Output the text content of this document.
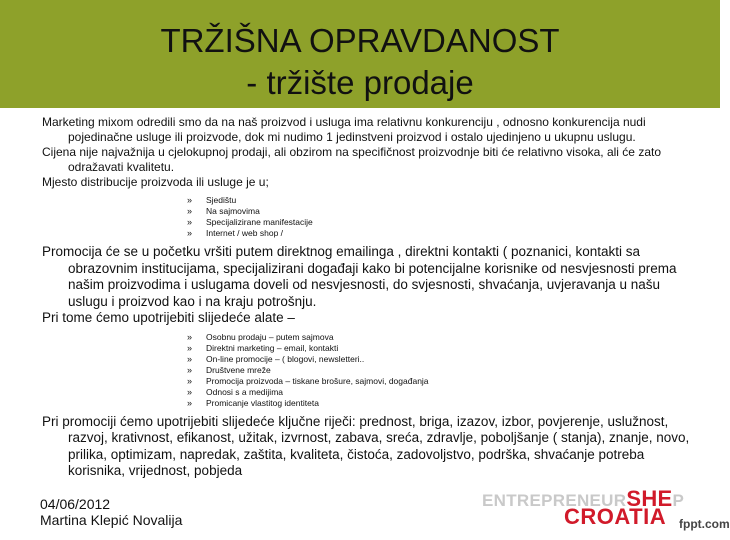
TRŽIŠNA OPRAVDANOST
- tržište prodaje

Marketing mixom odredili smo da na naš proizvod i usluga ima relativnu konkurenciju , odnosno konkurencija nudi pojedinačne usluge ili proizvode, dok mi nudimo 1 jedinstveni proizvod i ostalo ujedinjeno u ukupnu uslugu.

Cijena nije najvažnija u cjelokupnoj prodaji, ali obzirom na specifičnost proizvodnje biti će relativno visoka, ali će zato odražavati kvalitetu.

Mjesto distribucije proizvoda ili usluge je u;

» Sjedištu
» Na sajmovima
» Specijalizirane manifestacije
» Internet / web shop /

Promocija će se u početku vršiti putem direktnog emailinga , direktni kontakti ( poznanici, kontakti sa obrazovnim institucijama, specijalizirani događaji kako bi potencijalne korisnike od nesvjesnosti prema našim proizvodima i uslugama doveli od nesvjesnosti, do svjesnosti, shvaćanja, uvjeravanja u našu uslugu i proizvod kao i na kraju potrošnju.

Pri tome ćemo upotrijebiti slijedeće alate –

» Osobnu prodaju – putem sajmova
» Direktni marketing – email, kontakti
» On-line promocije – ( blogovi, newsletteri..
» Društvene mreže
» Promocija proizvoda – tiskane brošure, sajmovi, događanja
» Odnosi s a medijima
» Promicanje vlastitog identiteta

Pri promociji ćemo upotrijebiti slijedeće ključne riječi: prednost, briga, izazov, izbor, povjerenje, uslužnost, razvoj, krativnost, efikanost, užitak, izvrnost, zabava, sreća, zdravlje, poboljšanje ( stanja), znanje, novo, prilika, optimizam, napredak, zaštita, kvaliteta, čistoća, zadovoljstvo, podrška, shvaćanje potreba korisnika, vrijednost, pobjeda

04/06/2012
Martina Klepić Novalija
ENTREPRENEURSHEP
CROATIA fppt.com
